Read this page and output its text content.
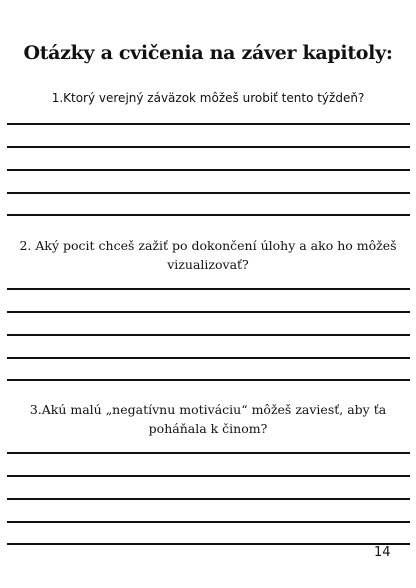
Otázky a cvičenia na záver kapitoly:
1.Ktorý verejný záväzok môžeš urobiť tento týždeň?
2. Aký pocit chceš zažiť po dokončení úlohy a ako ho môžeš vizualizovať?
3.Akú malú „negatívnu motiváciu“ môžeš zaviesť, aby ťa poháňala k činom?
14
